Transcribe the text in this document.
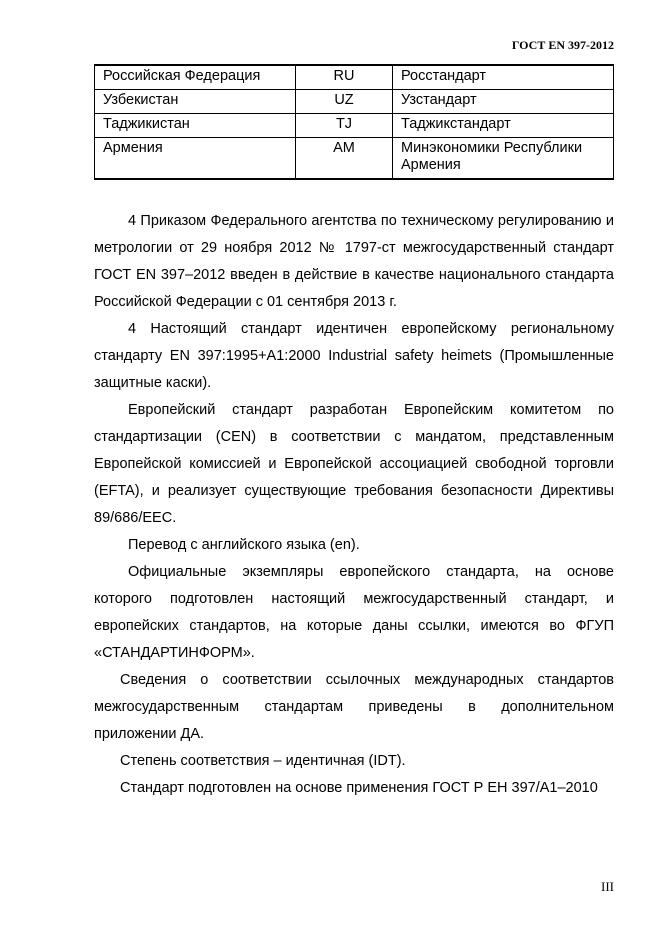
ГОСТ EN 397-2012
Российская Федерация	RU	Росстандарт
Узбекистан	UZ	Узстандарт
Таджикистан	TJ	Таджикстандарт
Армения	AM	Минэкономики Республики Армения

4 Приказом Федерального агентства по техническому регулированию и метрологии от 29 ноября 2012 № 1797-ст межгосударственный стандарт ГОСТ EN 397–2012 введен в действие в качестве национального стандарта Российской Федерации с 01 сентября 2013 г.

4 Настоящий стандарт идентичен европейскому региональному стандарту EN 397:1995+A1:2000 Industrial safety heimets (Промышленные защитные каски).

Европейский стандарт разработан Европейским комитетом по стандартизации (CEN) в соответствии с мандатом, представленным Европейской комиссией и Европейской ассоциацией свободной торговли (EFTA), и реализует существующие требования безопасности Директивы 89/686/ЕЕС.

Перевод с английского языка (en).

Официальные экземпляры европейского стандарта, на основе которого подготовлен настоящий межгосударственный стандарт, и европейских стандартов, на которые даны ссылки, имеются во ФГУП «СТАНДАРТИНФОРМ».

Сведения о соответствии ссылочных международных стандартов межгосударственным стандартам приведены в дополнительном приложении ДА.

Степень соответствия – идентичная (IDT).

Стандарт подготовлен на основе применения ГОСТ Р ЕН 397/А1–2010

III
